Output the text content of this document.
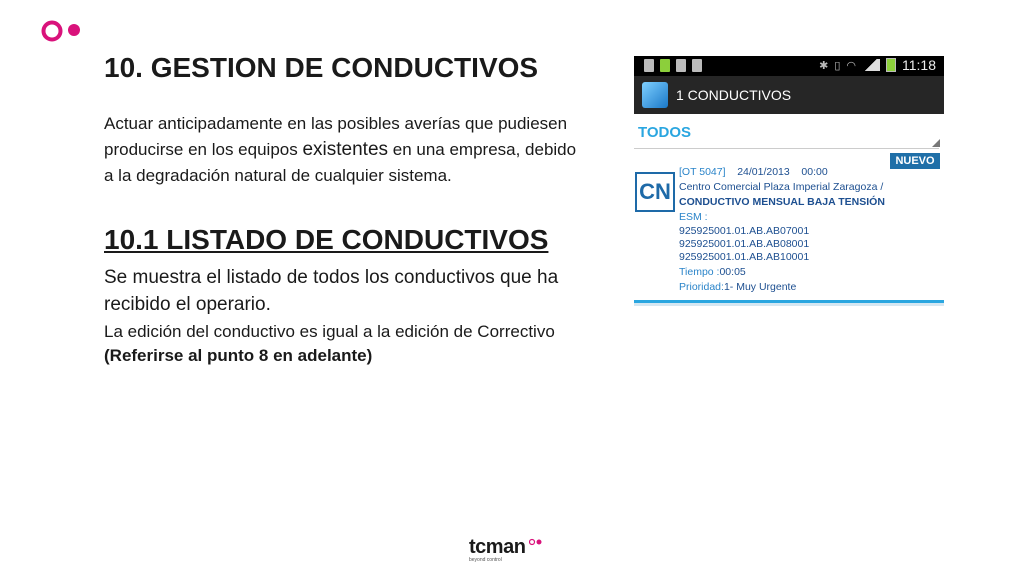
10. GESTION DE CONDUCTIVOS
Actuar anticipadamente en las posibles averías que pudiesen
producirse en los equipos existentes en una empresa, debido
a la degradación natural de cualquier sistema.
10.1 LISTADO DE CONDUCTIVOS
Se muestra el listado de todos los conductivos que ha
recibido el operario.
La edición del conductivo es igual a la edición de Correctivo
(Referirse al punto 8 en adelante)
✱ ▯ ◠	11:18
1 CONDUCTIVOS
TODOS
NUEVO
CN
[OT 5047] 24/01/2013 00:00
Centro Comercial Plaza Imperial Zaragoza /
CONDUCTIVO MENSUAL BAJA TENSIÓN
ESM :
925925001.01.AB.AB07001
925925001.01.AB.AB08001
925925001.01.AB.AB10001
Tiempo :00:05
Prioridad:1- Muy Urgente
tcman
beyond control
